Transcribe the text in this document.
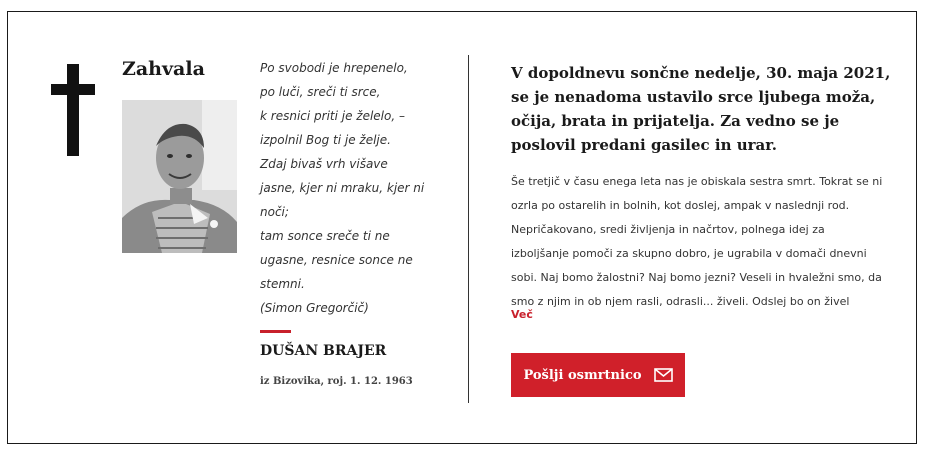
Zahvala	Po svobodi je hrepenelo,
po luči, sreči ti srce,
k resnici priti je želelo, –
izpolnil Bog ti je želje.
Zdaj bivaš vrh višave
jasne, kjer ni mraku, kjer ni
noči;
tam sonce sreče ti ne
ugasne, resnice sonce ne
stemni.
(Simon Gregorčič)
DUŠAN BRAJER
iz Bizovika, roj. 1. 12. 1963

V dopoldnevu sončne nedelje, 30. maja 2021, se je nenadoma ustavilo srce ljubega moža, očija, brata in prijatelja. Za vedno se je poslovil predani gasilec in urar.

Še tretjič v času enega leta nas je obiskala sestra smrt. Tokrat se ni ozrla po ostarelih in bolnih, kot doslej, ampak v naslednji rod. Nepričakovano, sredi življenja in načrtov, polnega idej za izboljšanje pomoči za skupno dobro, je ugrabila v domači dnevni sobi. Naj bomo žalostni? Naj bomo jezni? Veseli in hvaležni smo, da smo z njim in ob njem rasli, odrasli... živeli. Odslej bo on živel

Več
Pošlji osmrtnico
